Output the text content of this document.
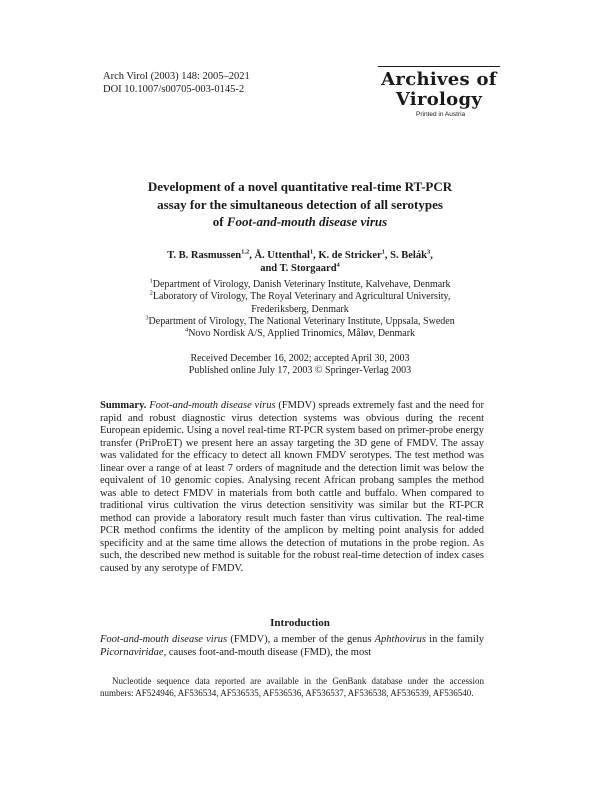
Arch Virol (2003) 148: 2005–2021
DOI 10.1007/s00705-003-0145-2	Archives of
Virology
Printed in Austria
Development of a novel quantitative real-time RT-PCR
assay for the simultaneous detection of all serotypes
of Foot-and-mouth disease virus
T. B. Rasmussen$^{1,2}$, Å. Uttenthal$^1$, K. de Stricker$^1$, S. Belák$^3$,
and T. Storgaard$^4$
$^1$Department of Virology, Danish Veterinary Institute, Kalvehave, Denmark
$^2$Laboratory of Virology, The Royal Veterinary and Agricultural University,
Frederiksberg, Denmark
$^3$Department of Virology, The National Veterinary Institute, Uppsala, Sweden
$^4$Novo Nordisk A/S, Applied Trinomics, Måløv, Denmark
Received December 16, 2002; accepted April 30, 2003
Published online July 17, 2003 © Springer-Verlag 2003
Summary. Foot-and-mouth disease virus (FMDV) spreads extremely fast and the need for rapid and robust diagnostic virus detection systems was obvious during the recent European epidemic. Using a novel real-time RT-PCR system based on primer-probe energy transfer (PriProET) we present here an assay targeting the 3D gene of FMDV. The assay was validated for the efficacy to detect all known FMDV serotypes. The test method was linear over a range of at least 7 orders of magnitude and the detection limit was below the equivalent of 10 genomic copies. Analysing recent African probang samples the method was able to detect FMDV in materials from both cattle and buffalo. When compared to traditional virus cultivation the virus detection sensitivity was similar but the RT-PCR method can provide a laboratory result much faster than virus cultivation. The real-time PCR method confirms the identity of the amplicon by melting point analysis for added specificity and at the same time allows the detection of mutations in the probe region. As such, the described new method is suitable for the robust real-time detection of index cases caused by any serotype of FMDV.
Introduction
Foot-and-mouth disease virus (FMDV), a member of the genus Aphthovirus in the family Picornaviridae, causes foot-and-mouth disease (FMD), the most
Nucleotide sequence data reported are available in the GenBank database under the accession numbers: AF524946, AF536534, AF536535, AF536536, AF536537, AF536538, AF536539, AF536540.
